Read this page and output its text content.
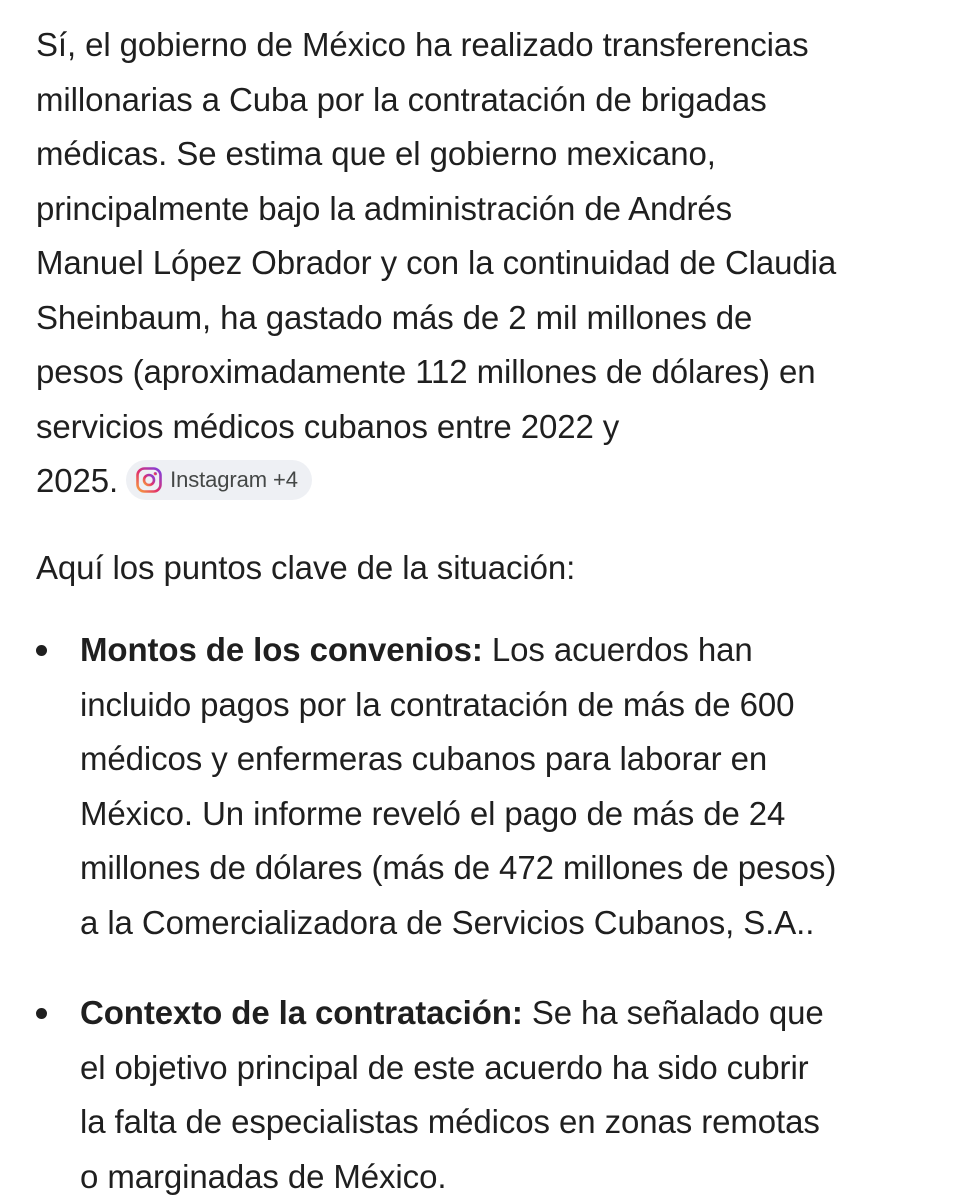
Sí, el gobierno de México ha realizado transferencias
millonarias a Cuba por la contratación de brigadas
médicas. Se estima que el gobierno mexicano,
principalmente bajo la administración de Andrés
Manuel López Obrador y con la continuidad de Claudia
Sheinbaum, ha gastado más de 2 mil millones de
pesos (aproximadamente 112 millones de dólares) en
servicios médicos cubanos entre 2022 y
2025. Instagram +4

Aquí los puntos clave de la situación:

Montos de los convenios: Los acuerdos han
incluido pagos por la contratación de más de 600
médicos y enfermeras cubanos para laborar en
México. Un informe reveló el pago de más de 24
millones de dólares (más de 472 millones de pesos)
a la Comercializadora de Servicios Cubanos, S.A..
Contexto de la contratación: Se ha señalado que
el objetivo principal de este acuerdo ha sido cubrir
la falta de especialistas médicos en zonas remotas
o marginadas de México.
